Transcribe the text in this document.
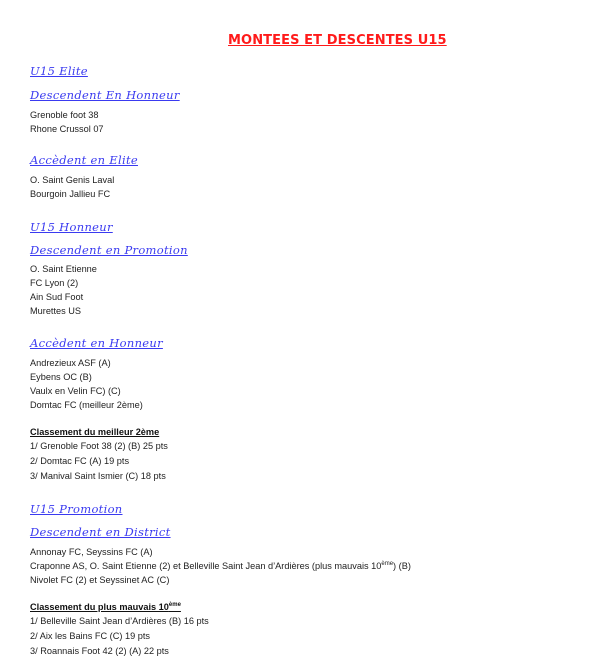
MONTEES ET DESCENTES U15
U15 Elite
Descendent En Honneur
Grenoble foot 38
Rhone Crussol 07
Accèdent en Elite
O. Saint Genis Laval
Bourgoin Jallieu FC
U15 Honneur
Descendent en Promotion
O. Saint Etienne
FC Lyon (2)
Ain Sud Foot
Murettes US
Accèdent en Honneur
Andrezieux ASF (A)
Eybens OC (B)
Vaulx en Velin FC) (C)
Domtac FC (meilleur 2ème)
Classement du meilleur 2ème
1/ Grenoble Foot 38 (2) (B) 25 pts
2/ Domtac FC (A) 19 pts
3/ Manival Saint Ismier (C) 18 pts
U15 Promotion
Descendent en District
Annonay FC, Seyssins FC (A)
Craponne AS, O. Saint Etienne (2) et Belleville Saint Jean d’Ardières (plus mauvais 10ème) (B)
Nivolet FC (2) et Seyssinet AC (C)
Classement du plus mauvais 10ème
1/ Belleville Saint Jean d’Ardières (B) 16 pts
2/ Aix les Bains FC (C) 19 pts
3/ Roannais Foot 42 (2) (A) 22 pts
